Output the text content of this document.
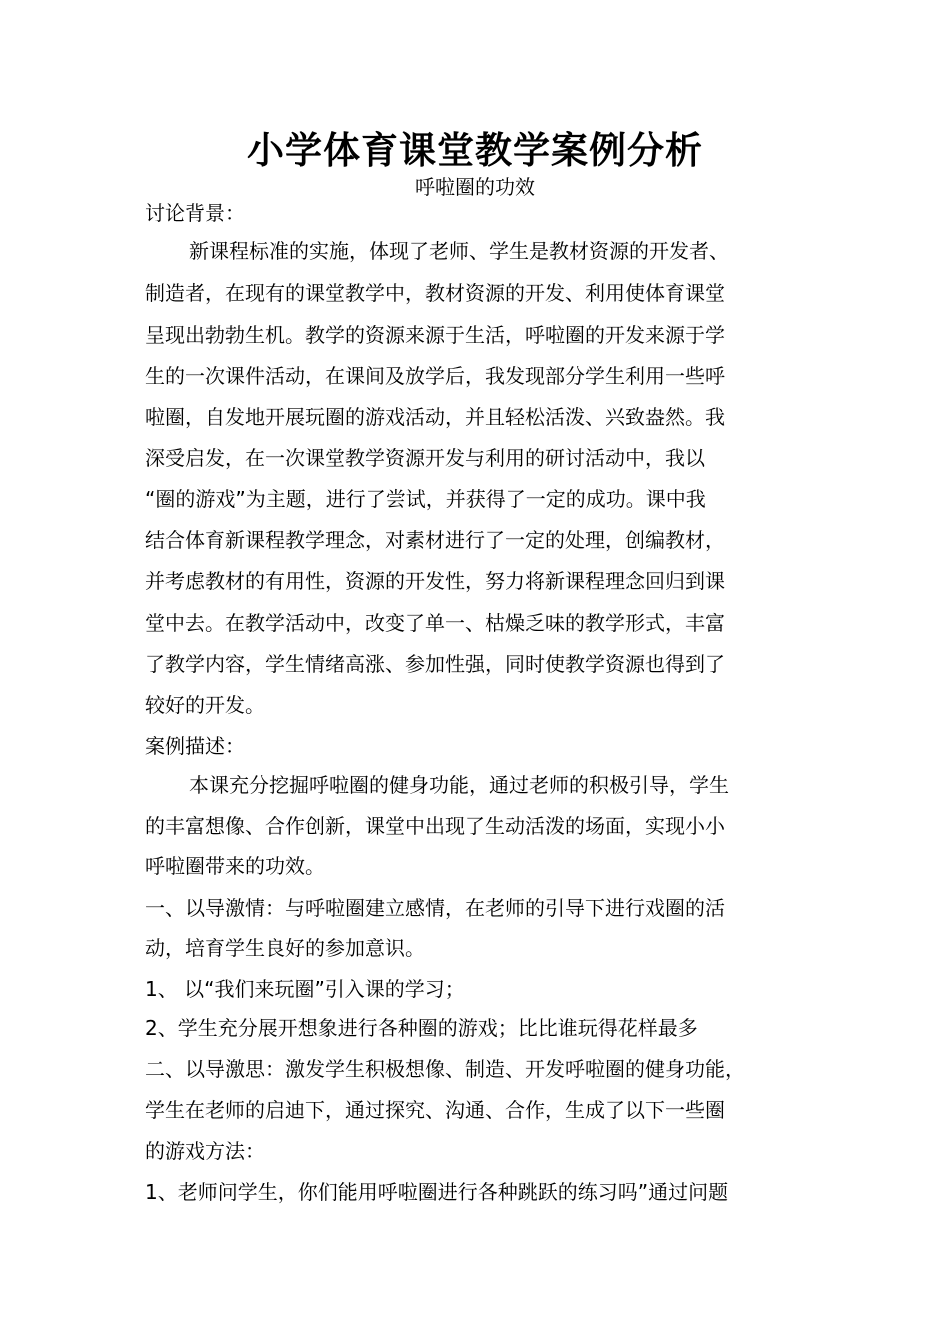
小学体育课堂教学案例分析
呼啦圈的功效
讨论背景：
新课程标准的实施，体现了老师、学生是教材资源的开发者、
制造者，在现有的课堂教学中，教材资源的开发、利用使体育课堂
呈现出勃勃生机。教学的资源来源于生活，呼啦圈的开发来源于学
生的一次课件活动，在课间及放学后，我发现部分学生利用一些呼
啦圈，自发地开展玩圈的游戏活动，并且轻松活泼、兴致盎然。我
深受启发，在一次课堂教学资源开发与利用的研讨活动中，我以
“圈的游戏”为主题，进行了尝试，并获得了一定的成功。课中我
结合体育新课程教学理念，对素材进行了一定的处理，创编教材，
并考虑教材的有用性，资源的开发性，努力将新课程理念回归到课
堂中去。在教学活动中，改变了单一、枯燥乏味的教学形式，丰富
了教学内容，学生情绪高涨、参加性强，同时使教学资源也得到了
较好的开发。
案例描述：
本课充分挖掘呼啦圈的健身功能，通过老师的积极引导，学生
的丰富想像、合作创新，课堂中出现了生动活泼的场面，实现小小
呼啦圈带来的功效。
一、以导激情：与呼啦圈建立感情，在老师的引导下进行戏圈的活
动，培育学生良好的参加意识。
1、 以“我们来玩圈”引入课的学习；
2、学生充分展开想象进行各种圈的游戏；比比谁玩得花样最多
二、以导激思：激发学生积极想像、制造、开发呼啦圈的健身功能，
学生在老师的启迪下，通过探究、沟通、合作，生成了以下一些圈
的游戏方法：
1、老师问学生，你们能用呼啦圈进行各种跳跃的练习吗”通过问题
